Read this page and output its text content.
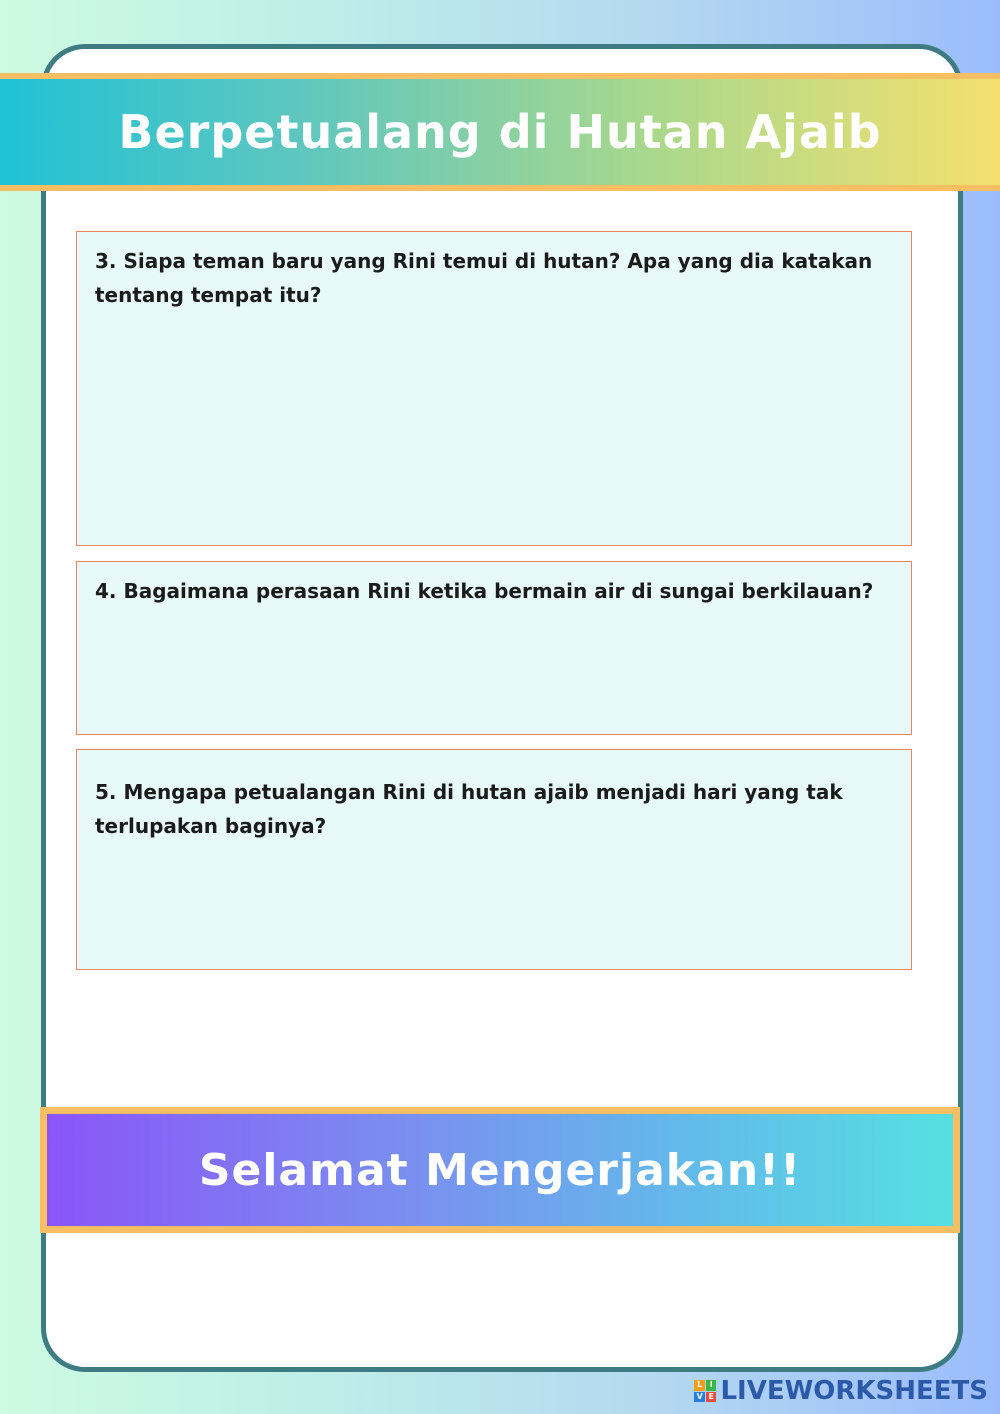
Berpetualang di Hutan Ajaib

3. Siapa teman baru yang Rini temui di hutan? Apa yang dia katakan tentang tempat itu?

4. Bagaimana perasaan Rini ketika bermain air di sungai berkilauan?

5. Mengapa petualangan Rini di hutan ajaib menjadi hari yang tak terlupakan baginya?

Selamat Mengerjakan!!
L I
V E LIVEWORKSHEETS
